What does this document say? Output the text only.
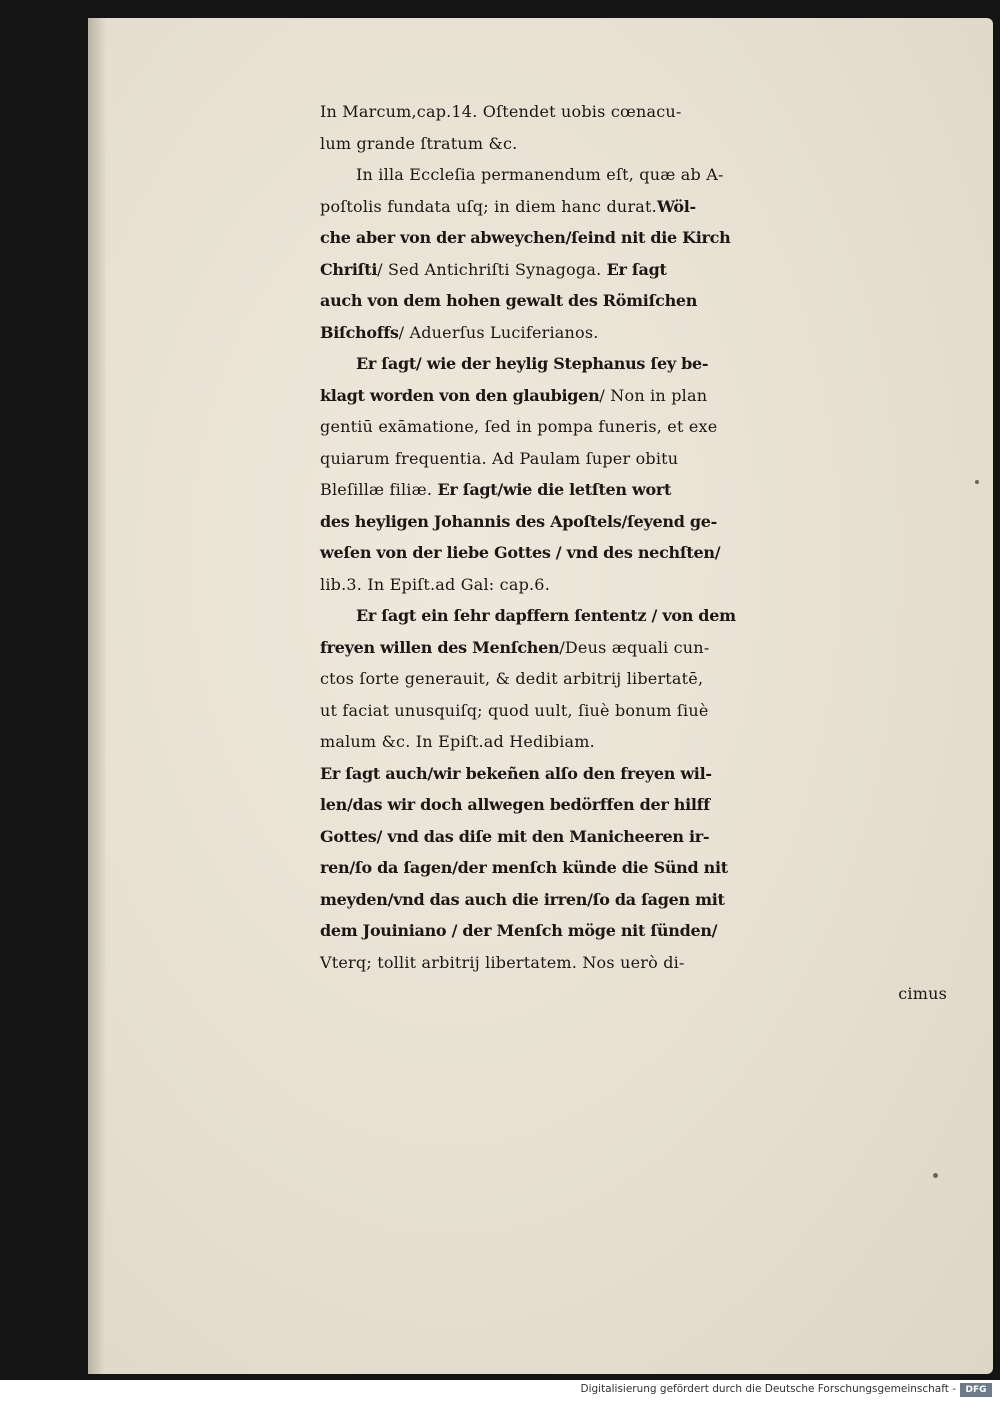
In Marcum,cap.14. Oſtendet uobis cœnacu-
lum grande ſtratum &c.
In illa Eccleſia permanendum eſt, quæ ab A-
poſtolis fundata uſq; in diem hanc durat.Wöl-
che aber von der abweychen/ſeind nit die Kirch
Chriſti/ Sed Antichriſti Synagoga. Er ſagt
auch von dem hohen gewalt des Römiſchen
Biſchoffs/ Aduerſus Luciferianos.
Er ſagt/ wie der heylig Stephanus ſey be-
klagt worden von den glaubigen/ Non in plan
gentiū exāmatione, ſed in pompa funeris, et exe
quiarum frequentia. Ad Paulam ſuper obitu
Bleſillæ filiæ. Er ſagt/wie die letſten wort
des heyligen Johannis des Apoſtels/ſeyend ge-
weſen von der liebe Gottes / vnd des nechſten/
lib.3. In Epiſt.ad Gal: cap.6.
Er ſagt ein ſehr dapffern ſententz / von dem
freyen willen des Menſchen/Deus æquali cun-
ctos ſorte generauit, & dedit arbitrij libertatē,
ut faciat unusquiſq; quod uult, ſiuè bonum ſiuè
malum &c. In Epiſt.ad Hedibiam.
Er ſagt auch/wir bekeñen alſo den freyen wil-
len/das wir doch allwegen bedörffen der hilff
Gottes/ vnd das diſe mit den Manicheeren ir-
ren/ſo da ſagen/der menſch künde die Sünd nit
meyden/vnd das auch die irren/ſo da ſagen mit
dem Jouiniano / der Menſch möge nit ſünden/
Vterq; tollit arbitrij libertatem. Nos uerò di-
cimus
Digitalisierung gefördert durch die Deutsche Forschungsgemeinschaft -	DFG
